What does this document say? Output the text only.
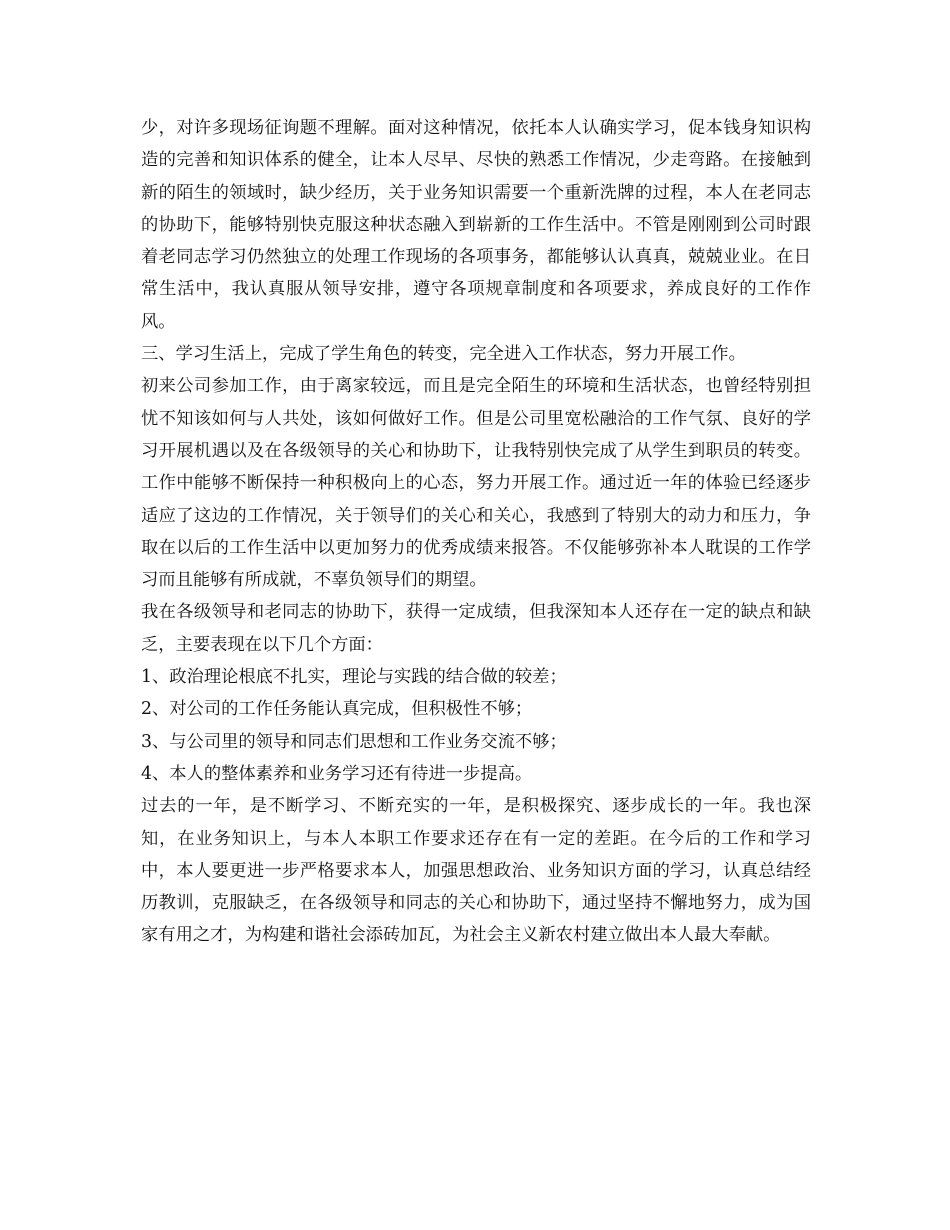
少，对许多现场征询题不理解。面对这种情况，依托本人认确实学习，促本钱身知识构造的完善和知识体系的健全，让本人尽早、尽快的熟悉工作情况，少走弯路。在接触到新的陌生的领域时，缺少经历，关于业务知识需要一个重新洗牌的过程，本人在老同志的协助下，能够特别快克服这种状态融入到崭新的工作生活中。不管是刚刚到公司时跟着老同志学习仍然独立的处理工作现场的各项事务，都能够认认真真，兢兢业业。在日常生活中，我认真服从领导安排，遵守各项规章制度和各项要求，养成良好的工作作风。

三、学习生活上，完成了学生角色的转变，完全进入工作状态，努力开展工作。

初来公司参加工作，由于离家较远，而且是完全陌生的环境和生活状态，也曾经特别担忧不知该如何与人共处，该如何做好工作。但是公司里宽松融洽的工作气氛、良好的学习开展机遇以及在各级领导的关心和协助下，让我特别快完成了从学生到职员的转变。工作中能够不断保持一种积极向上的心态，努力开展工作。通过近一年的体验已经逐步适应了这边的工作情况，关于领导们的关心和关心，我感到了特别大的动力和压力，争取在以后的工作生活中以更加努力的优秀成绩来报答。不仅能够弥补本人耽误的工作学习而且能够有所成就，不辜负领导们的期望。

我在各级领导和老同志的协助下，获得一定成绩，但我深知本人还存在一定的缺点和缺乏，主要表现在以下几个方面：

1、政治理论根底不扎实，理论与实践的结合做的较差；

2、对公司的工作任务能认真完成，但积极性不够；

3、与公司里的领导和同志们思想和工作业务交流不够；

4、本人的整体素养和业务学习还有待进一步提高。

过去的一年，是不断学习、不断充实的一年，是积极探究、逐步成长的一年。我也深知，在业务知识上，与本人本职工作要求还存在有一定的差距。在今后的工作和学习中，本人要更进一步严格要求本人，加强思想政治、业务知识方面的学习，认真总结经历教训，克服缺乏，在各级领导和同志的关心和协助下，通过坚持不懈地努力，成为国家有用之才，为构建和谐社会添砖加瓦，为社会主义新农村建立做出本人最大奉献。
